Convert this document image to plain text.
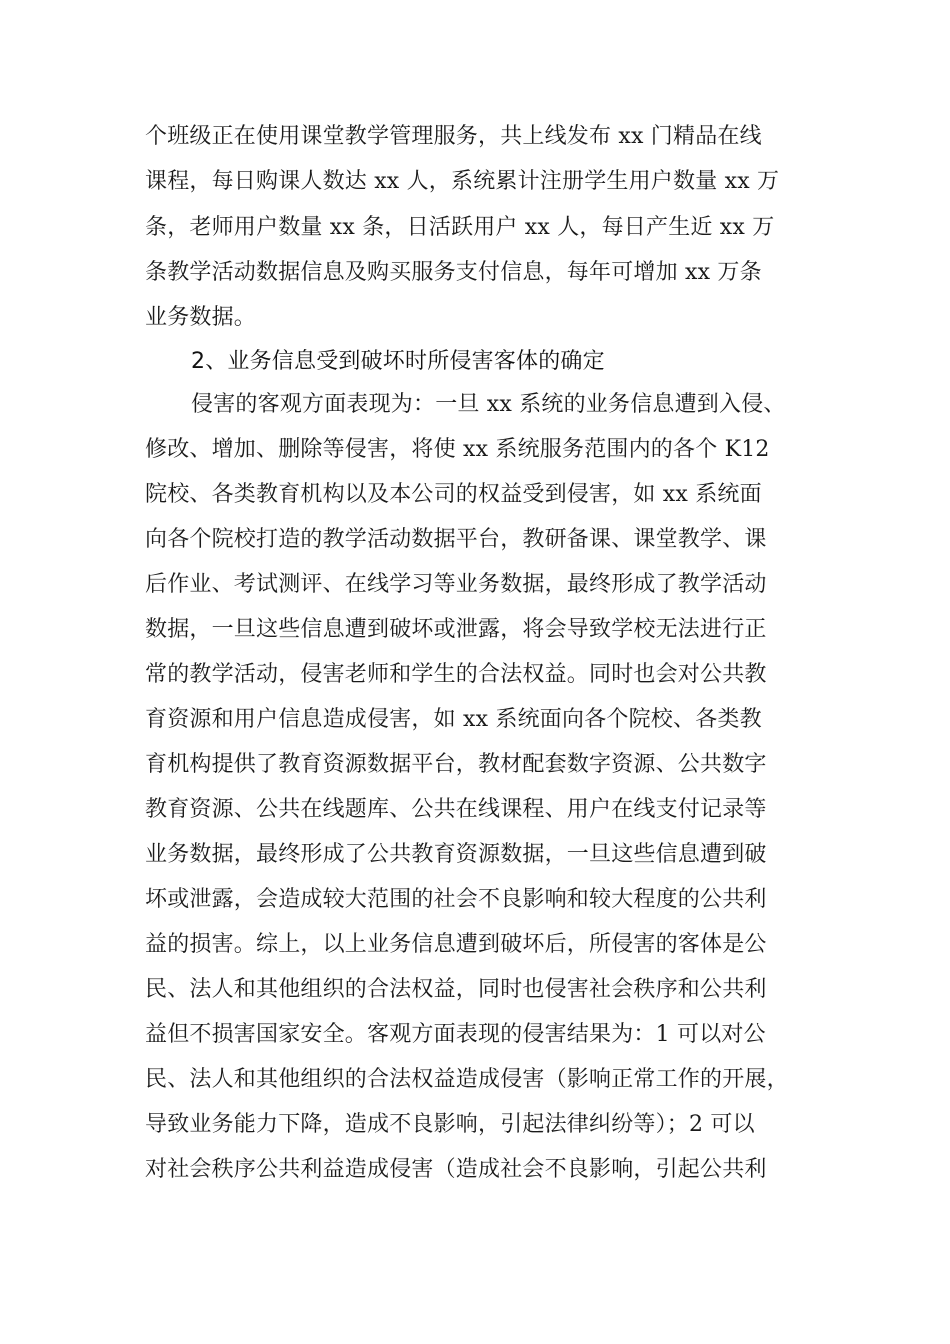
个班级正在使用课堂教学管理服务，共上线发布 xx 门精品在线
课程，每日购课人数达 xx 人，系统累计注册学生用户数量 xx 万
条，老师用户数量 xx 条，日活跃用户 xx 人，每日产生近 xx 万
条教学活动数据信息及购买服务支付信息，每年可增加 xx 万条
业务数据。
2、业务信息受到破坏时所侵害客体的确定
侵害的客观方面表现为：一旦 xx 系统的业务信息遭到入侵、
修改、增加、删除等侵害，将使 xx 系统服务范围内的各个 K12
院校、各类教育机构以及本公司的权益受到侵害，如 xx 系统面
向各个院校打造的教学活动数据平台，教研备课、课堂教学、课
后作业、考试测评、在线学习等业务数据，最终形成了教学活动
数据，一旦这些信息遭到破坏或泄露，将会导致学校无法进行正
常的教学活动，侵害老师和学生的合法权益。同时也会对公共教
育资源和用户信息造成侵害，如 xx 系统面向各个院校、各类教
育机构提供了教育资源数据平台，教材配套数字资源、公共数字
教育资源、公共在线题库、公共在线课程、用户在线支付记录等
业务数据，最终形成了公共教育资源数据，一旦这些信息遭到破
坏或泄露，会造成较大范围的社会不良影响和较大程度的公共利
益的损害。综上，以上业务信息遭到破坏后，所侵害的客体是公
民、法人和其他组织的合法权益，同时也侵害社会秩序和公共利
益但不损害国家安全。客观方面表现的侵害结果为：1 可以对公
民、法人和其他组织的合法权益造成侵害（影响正常工作的开展，
导致业务能力下降，造成不良影响，引起法律纠纷等）；2 可以
对社会秩序公共利益造成侵害（造成社会不良影响，引起公共利
